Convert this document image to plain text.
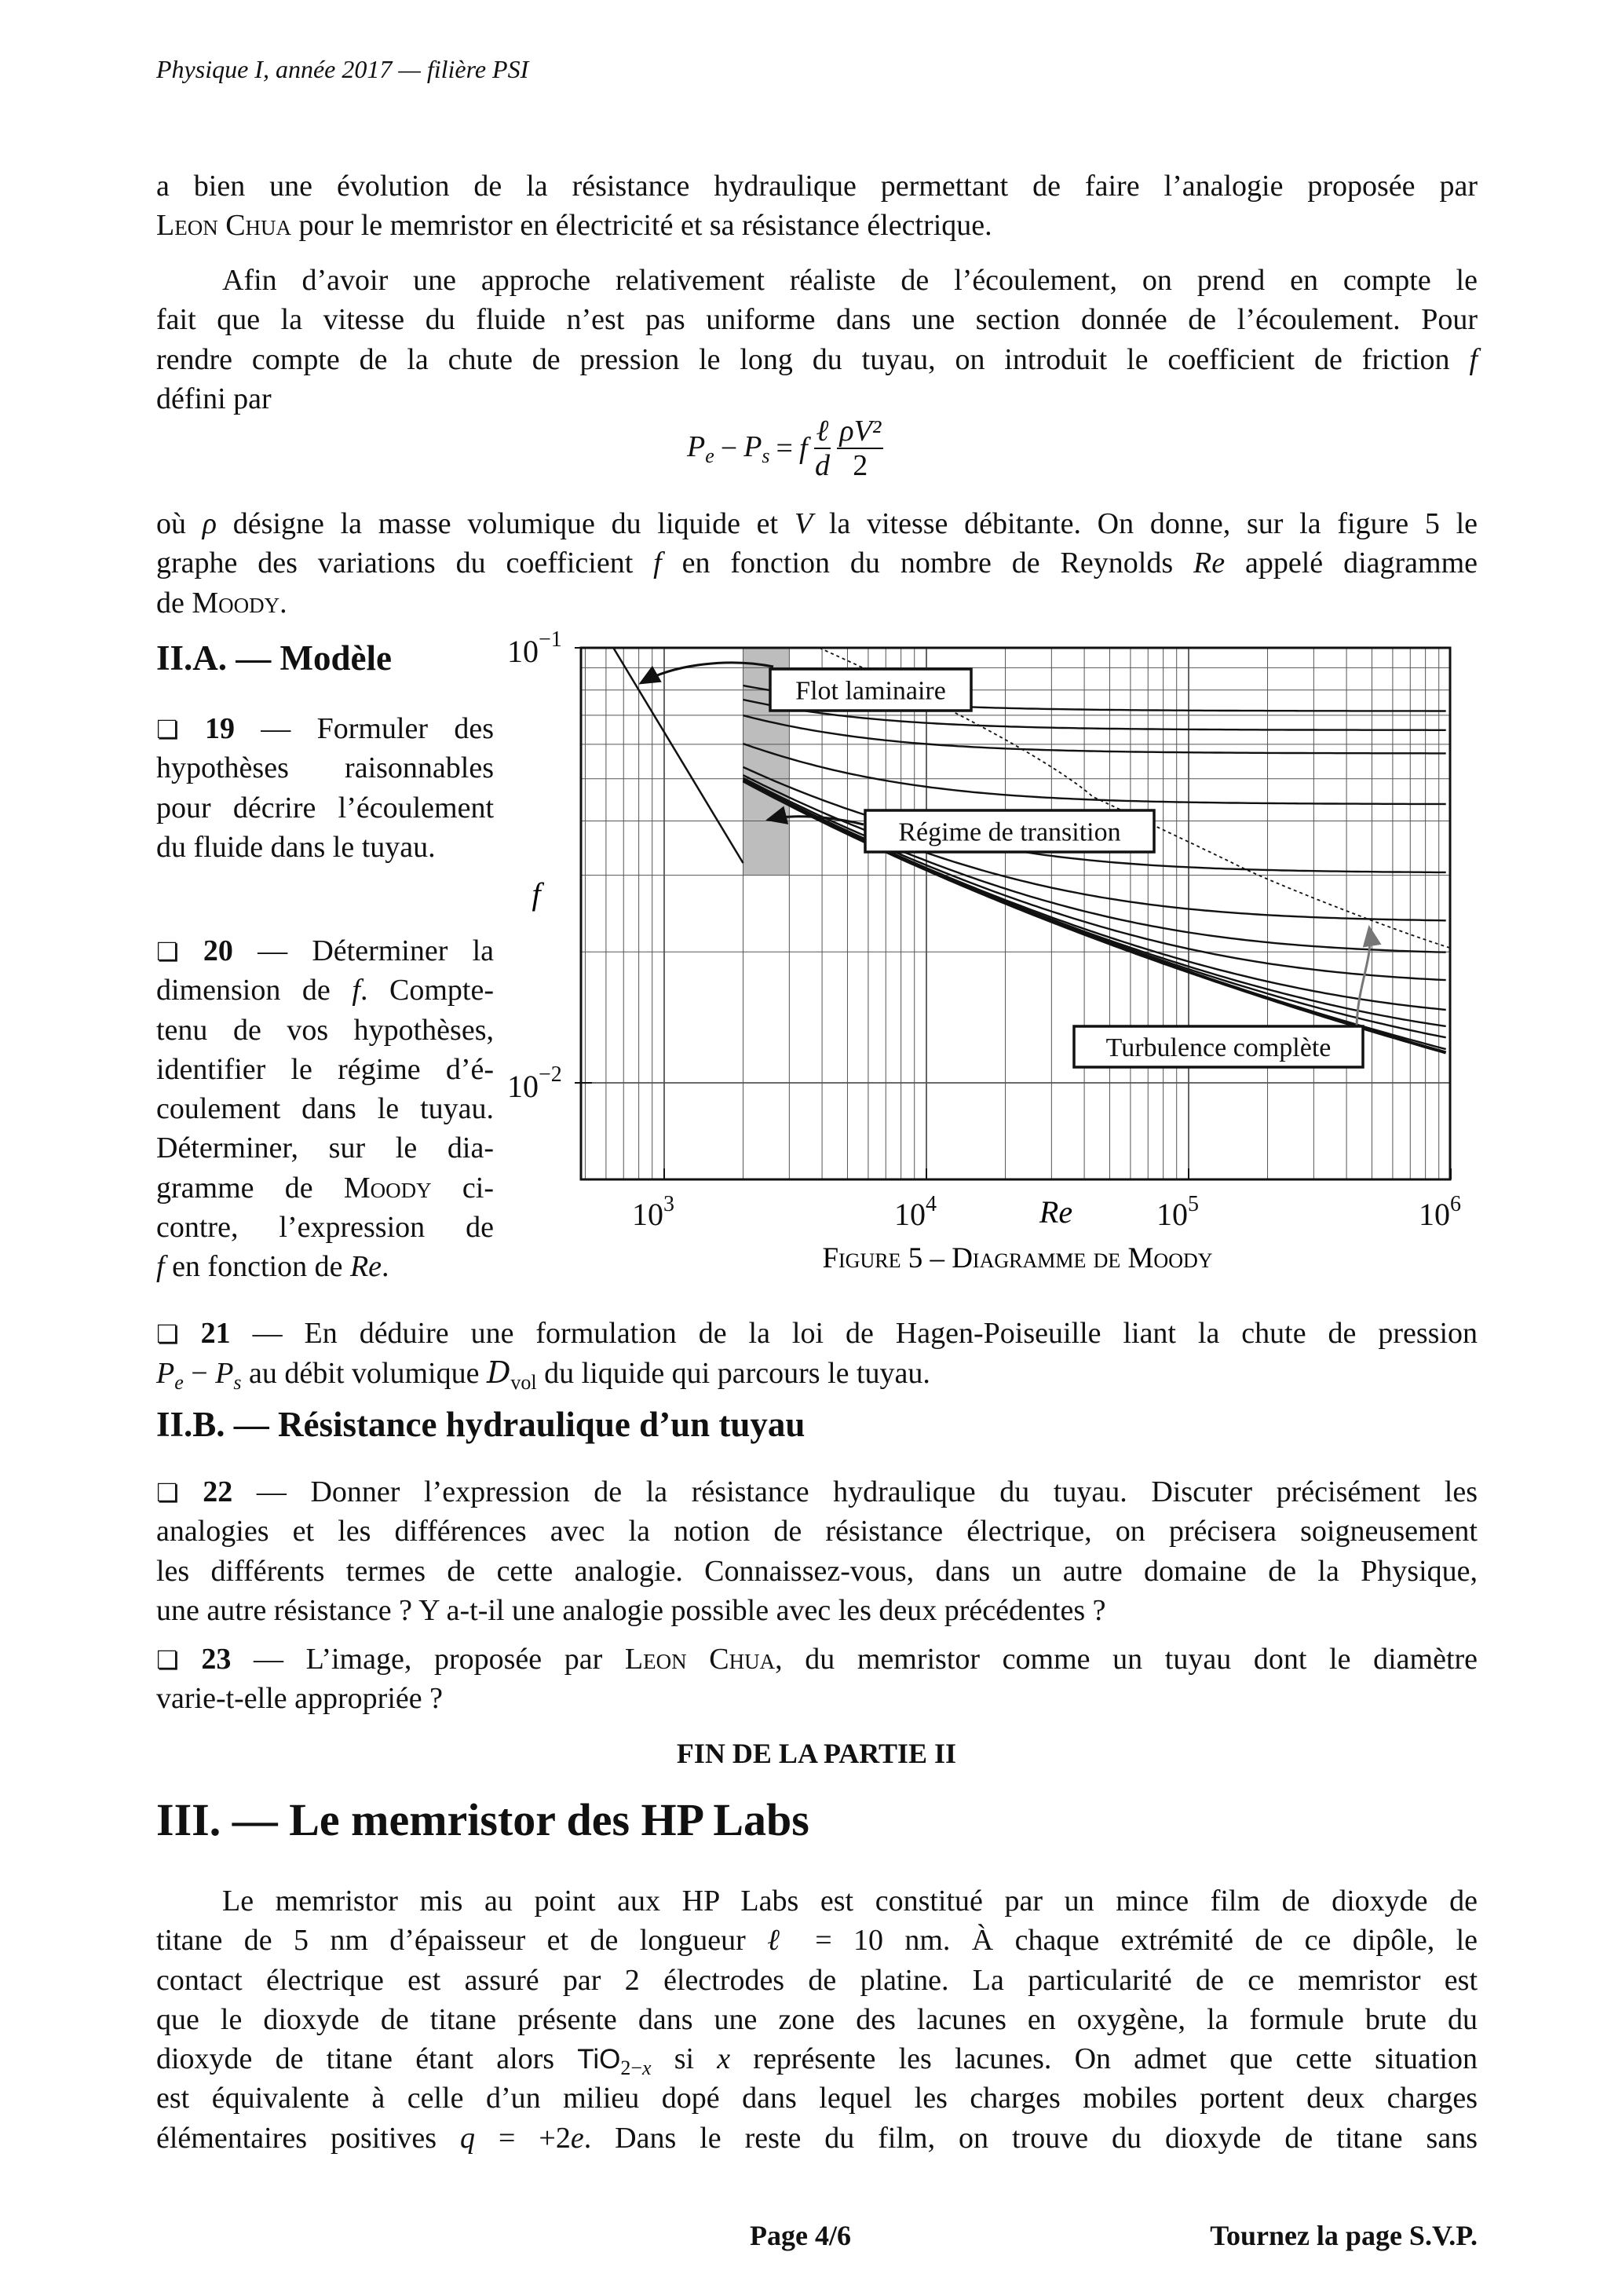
Physique I, année 2017 — filière PSI
a bien une évolution de la résistance hydraulique permettant de faire l’analogie proposée par
Leon Chua pour le memristor en électricité et sa résistance électrique.
Afin d’avoir une approche relativement réaliste de l’écoulement, on prend en compte le
fait que la vitesse du fluide n’est pas uniforme dans une section donnée de l’écoulement. Pour
rendre compte de la chute de pression le long du tuyau, on introduit le coefficient de friction f
défini par
$P_e - P_s = f \frac{\text{ℓ}}{d} \frac{\text{ρV²}}{2}$
où ρ désigne la masse volumique du liquide et V la vitesse débitante. On donne, sur la figure 5 le
graphe des variations du coefficient f en fonction du nombre de Reynolds Re appelé diagramme
de Moody.
II.A. — Modèle
❏ 19 — Formuler des
hypothèses raisonnables
pour décrire l’écoulement
du fluide dans le tuyau.
❏ 20 — Déterminer la
dimension de f. Compte-
tenu de vos hypothèses,
identifier le régime d’é-
coulement dans le tuyau.
Déterminer, sur le dia-
gramme de Moody ci-
contre, l’expression de
f en fonction de Re.
Flot laminaire
Régime de transition
Turbulence complète
$10^3$	$10^4$	$10^5$	$10^6$
$10^{-1}$
$10^{-2}$
Re
f
Figure 5 – Diagramme de Moody
❏ 21 — En déduire une formulation de la loi de Hagen-Poiseuille liant la chute de pression
$P_e - P_s$ au débit volumique $D_{vol}$ du liquide qui parcours le tuyau.
II.B. — Résistance hydraulique d’un tuyau
❏ 22 — Donner l’expression de la résistance hydraulique du tuyau. Discuter précisément les
analogies et les différences avec la notion de résistance électrique, on précisera soigneusement
les différents termes de cette analogie. Connaissez-vous, dans un autre domaine de la Physique,
une autre résistance ? Y a-t-il une analogie possible avec les deux précédentes ?
❏ 23 — L’image, proposée par Leon Chua, du memristor comme un tuyau dont le diamètre
varie-t-elle appropriée ?
FIN DE LA PARTIE II
III. — Le memristor des HP Labs
Le memristor mis au point aux HP Labs est constitué par un mince film de dioxyde de
titane de 5 nm d’épaisseur et de longueur ℓ = 10 nm. À chaque extrémité de ce dipôle, le
contact électrique est assuré par 2 électrodes de platine. La particularité de ce memristor est
que le dioxyde de titane présente dans une zone des lacunes en oxygène, la formule brute du
dioxyde de titane étant alors TiO$_{2-x}$ si x représente les lacunes. On admet que cette situation
est équivalente à celle d’un milieu dopé dans lequel les charges mobiles portent deux charges
élémentaires positives q = +2e. Dans le reste du film, on trouve du dioxyde de titane sans
Page 4/6	Tournez la page S.V.P.
